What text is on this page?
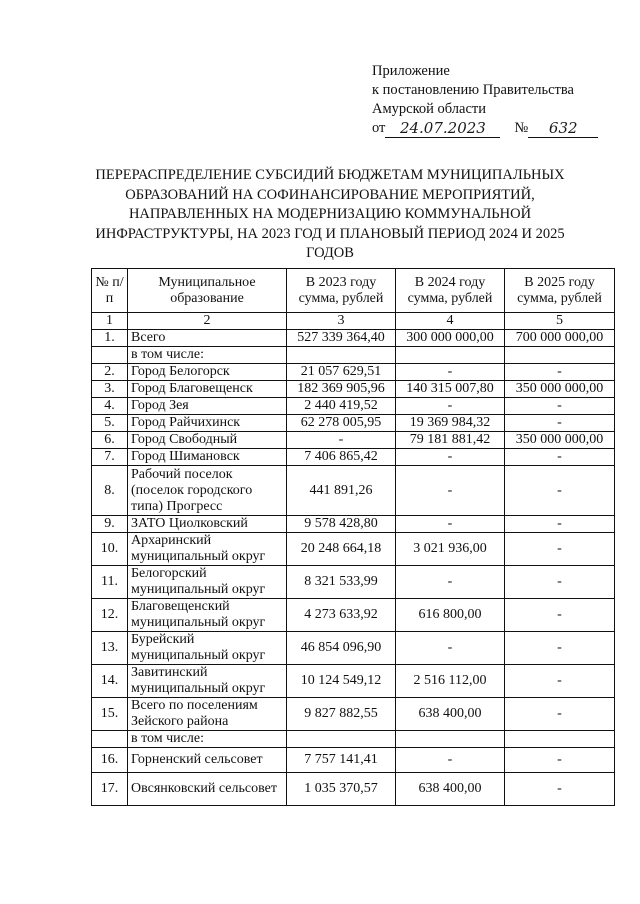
Приложение
к постановлению Правительства
Амурской области
от 24.07.2023	№	632
ПЕРЕРАСПРЕДЕЛЕНИЕ СУБСИДИЙ БЮДЖЕТАМ МУНИЦИПАЛЬНЫХ ОБРАЗОВАНИЙ НА СОФИНАНСИРОВАНИЕ МЕРОПРИЯТИЙ, НАПРАВЛЕННЫХ НА МОДЕРНИЗАЦИЮ КОММУНАЛЬНОЙ ИНФРАСТРУКТУРЫ, НА 2023 ГОД И ПЛАНОВЫЙ ПЕРИОД 2024 И 2025 ГОДОВ
№ п/п	Муниципальное образование	В 2023 году сумма, рублей	В 2024 году сумма, рублей	В 2025 году сумма, рублей
1	2	3	4	5
1.	Всего	527 339 364,40	300 000 000,00	700 000 000,00
	в том числе:			
2.	Город Белогорск	21 057 629,51	-	-
3.	Город Благовещенск	182 369 905,96	140 315 007,80	350 000 000,00
4.	Город Зея	2 440 419,52	-	-
5.	Город Райчихинск	62 278 005,95	19 369 984,32	-
6.	Город Свободный	-	79 181 881,42	350 000 000,00
7.	Город Шимановск	7 406 865,42	-	-
8.	Рабочий поселок (поселок городского типа) Прогресс	441 891,26	-	-
9.	ЗАТО Циолковский	9 578 428,80	-	-
10.	Архаринский муниципальный округ	20 248 664,18	3 021 936,00	-
11.	Белогорский муниципальный округ	8 321 533,99	-	-
12.	Благовещенский муниципальный округ	4 273 633,92	616 800,00	-
13.	Бурейский муниципальный округ	46 854 096,90	-	-
14.	Завитинский муниципальный округ	10 124 549,12	2 516 112,00	-
15.	Всего по поселениям Зейского района	9 827 882,55	638 400,00	-
	в том числе:			
16.	Горненский сельсовет	7 757 141,41	-	-
17.	Овсянковский сельсовет	1 035 370,57	638 400,00	-
